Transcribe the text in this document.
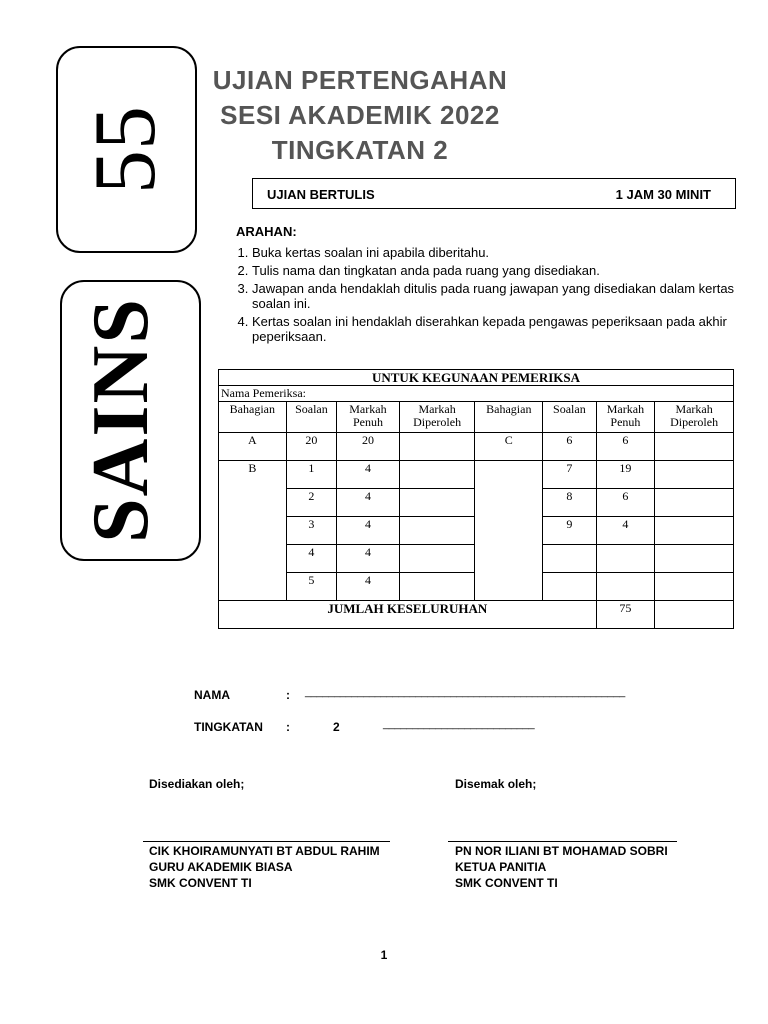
55
SAINS
UJIAN PERTENGAHAN
SESI AKADEMIK 2022
TINGKATAN 2
UJIAN BERTULIS	1 JAM 30 MINIT
ARAHAN:
1. Buka kertas soalan ini apabila diberitahu.
2. Tulis nama dan tingkatan anda pada ruang yang disediakan.
3. Jawapan anda hendaklah ditulis pada ruang jawapan yang disediakan dalam kertas soalan ini.
4. Kertas soalan ini hendaklah diserahkan kepada pengawas peperiksaan pada akhir peperiksaan.
UNTUK KEGUNAAN PEMERIKSA							
Nama Pemeriksa:							
Bahagian	Soalan	Markah Penuh	Markah Diperoleh	Bahagian	Soalan	Markah Penuh	Markah Diperoleh
A	20	20		C	6	6	
B	1	4			7	19	
	2	4			8	6	
	3	4			9	4	
	4	4					
	5	4					
JUMLAH KESELURUHAN						75	
NAMA	: _______________________________________________________
TINGKATAN :	2	__________________________
Disediakan oleh;	Disemak oleh;
CIK KHOIRAMUNYATI BT ABDUL RAHIM
GURU AKADEMIK BIASA
SMK CONVENT TI
PN NOR ILIANI BT MOHAMAD SOBRI
KETUA PANITIA
SMK CONVENT TI
1
